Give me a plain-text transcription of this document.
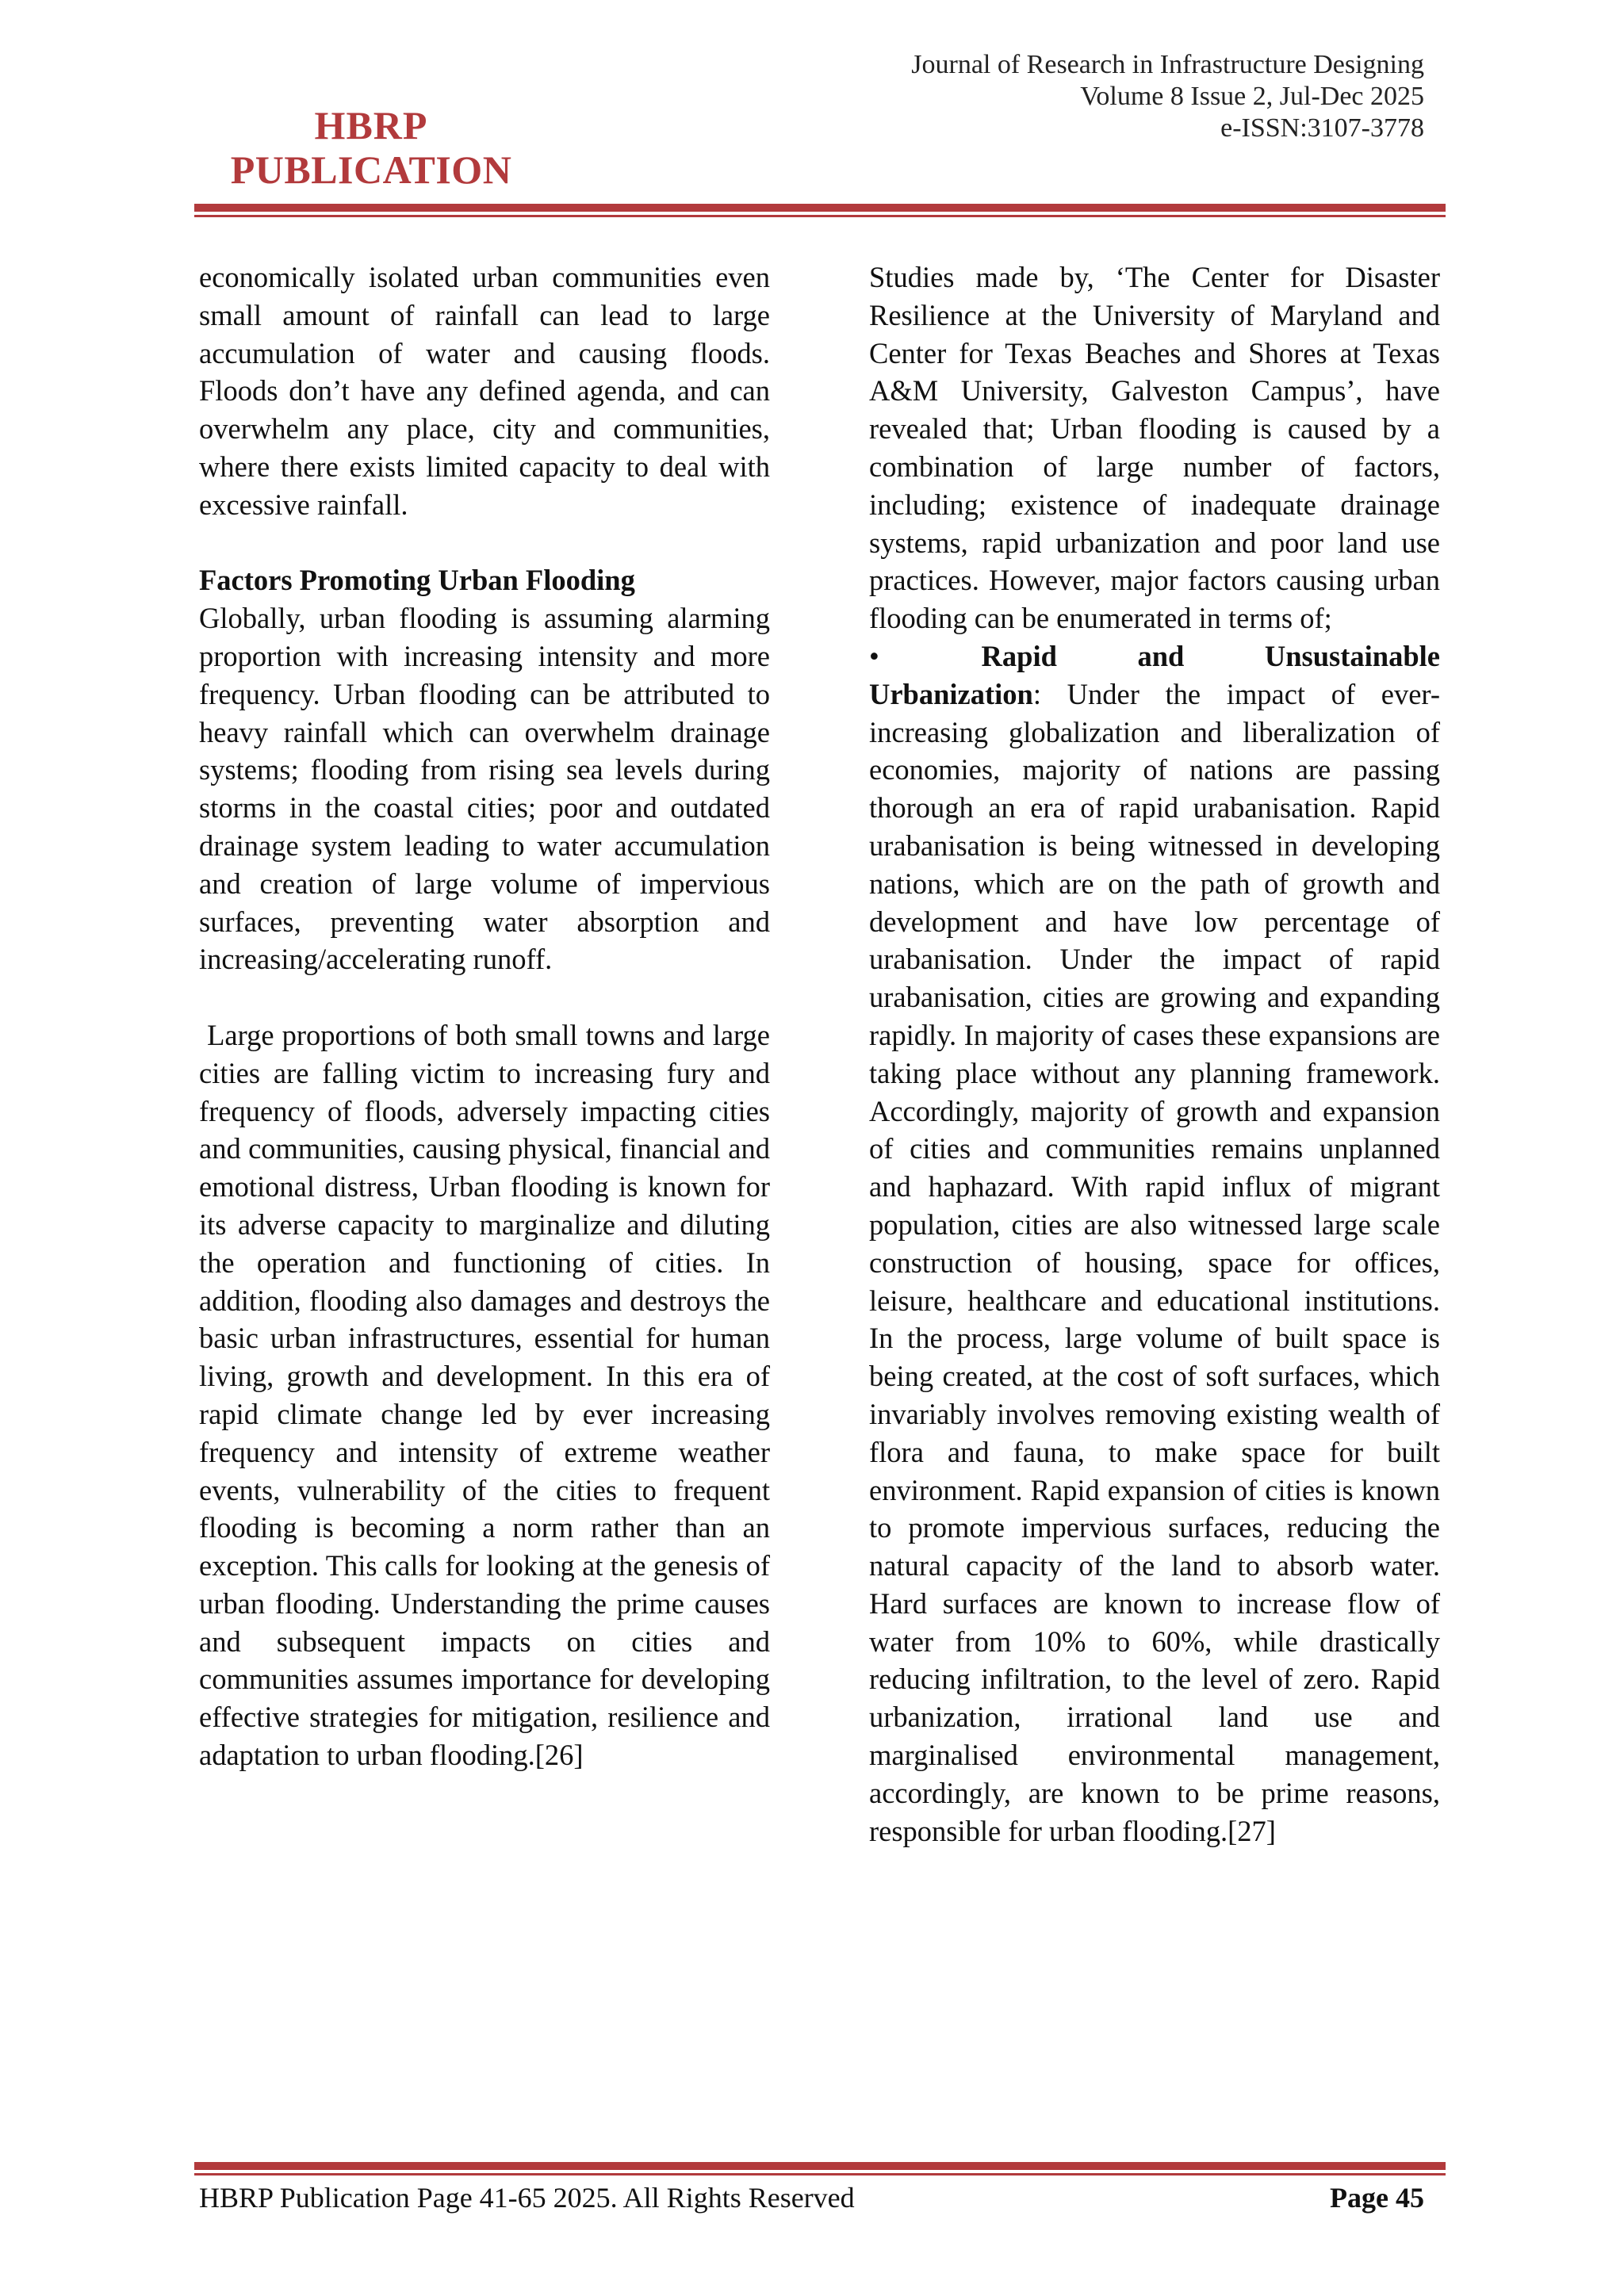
HBRP
PUBLICATION
Journal of Research in Infrastructure Designing
Volume 8 Issue 2, Jul-Dec 2025
e-ISSN:3107-3778

economically isolated urban communities even small amount of rainfall can lead to large accumulation of water and causing floods. Floods don’t have any defined agenda, and can overwhelm any place, city and communities, where there exists limited capacity to deal with excessive rainfall.

Factors Promoting Urban Flooding

Globally, urban flooding is assuming alarming proportion with increasing intensity and more frequency. Urban flooding can be attributed to heavy rainfall which can overwhelm drainage systems; flooding from rising sea levels during storms in the coastal cities; poor and outdated drainage system leading to water accumulation and creation of large volume of impervious surfaces, preventing water absorption and increasing/accelerating runoff.

Large proportions of both small towns and large cities are falling victim to increasing fury and frequency of floods, adversely impacting cities and communities, causing physical, financial and emotional distress, Urban flooding is known for its adverse capacity to marginalize and diluting the operation and functioning of cities. In addition, flooding also damages and destroys the basic urban infrastructures, essential for human living, growth and development. In this era of rapid climate change led by ever increasing frequency and intensity of extreme weather events, vulnerability of the cities to frequent flooding is becoming a norm rather than an exception. This calls for looking at the genesis of urban flooding. Understanding the prime causes and subsequent impacts on cities and communities assumes importance for developing effective strategies for mitigation, resilience and adaptation to urban flooding.[26]

Studies made by, ‘The Center for Disaster Resilience at the University of Maryland and Center for Texas Beaches and Shores at Texas A&M University, Galveston Campus’, have revealed that; Urban flooding is caused by a combination of large number of factors, including; existence of inadequate drainage systems, rapid urbanization and poor land use practices. However, major factors causing urban flooding can be enumerated in terms of;

•	Rapid	and	Unsustainable

Urbanization: Under the impact of ever-increasing globalization and liberalization of economies, majority of nations are passing thorough an era of rapid urabanisation. Rapid urabanisation is being witnessed in developing nations, which are on the path of growth and development and have low percentage of urabanisation. Under the impact of rapid urabanisation, cities are growing and expanding rapidly. In majority of cases these expansions are taking place without any planning framework. Accordingly, majority of growth and expansion of cities and communities remains unplanned and haphazard. With rapid influx of migrant population, cities are also witnessed large scale construction of housing, space for offices, leisure, healthcare and educational institutions. In the process, large volume of built space is being created, at the cost of soft surfaces, which invariably involves removing existing wealth of flora and fauna, to make space for built environment. Rapid expansion of cities is known to promote impervious surfaces, reducing the natural capacity of the land to absorb water. Hard surfaces are known to increase flow of water from 10% to 60%, while drastically reducing infiltration, to the level of zero. Rapid urbanization, irrational land use and marginalised environmental management, accordingly, are known to be prime reasons, responsible for urban flooding.[27]

HBRP Publication Page 41-65 2025. All Rights Reserved	Page 45
